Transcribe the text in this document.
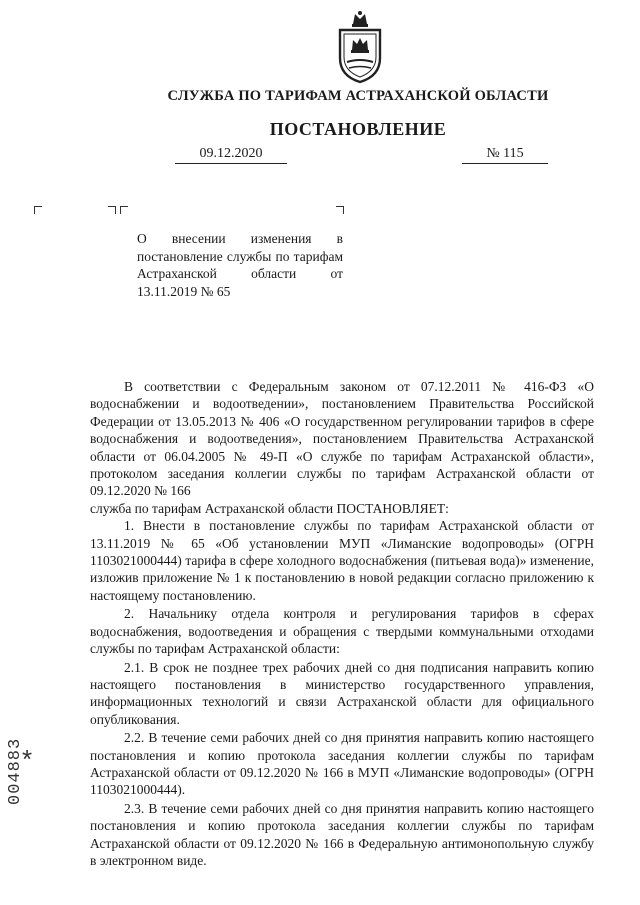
СЛУЖБА ПО ТАРИФАМ АСТРАХАНСКОЙ ОБЛАСТИ
ПОСТАНОВЛЕНИЕ
09.12.2020	№ 115
О внесении изменения в постановление службы по тарифам Астраханской области от 13.11.2019 № 65

В соответствии с Федеральным законом от 07.12.2011 № 416-ФЗ «О водоснабжении и водоотведении», постановлением Правительства Российской Федерации от 13.05.2013 № 406 «О государственном регулировании тарифов в сфере водоснабжения и водоотведения», постановлением Правительства Астраханской области от 06.04.2005 № 49-П «О службе по тарифам Астраханской области», протоколом заседания коллегии службы по тарифам Астраханской области от 09.12.2020 № 166

служба по тарифам Астраханской области ПОСТАНОВЛЯЕТ:

1. Внести в постановление службы по тарифам Астраханской области от 13.11.2019 № 65 «Об установлении МУП «Лиманские водопроводы» (ОГРН 1103021000444) тарифа в сфере холодного водоснабжения (питьевая вода)» изменение, изложив приложение № 1 к постановлению в новой редакции согласно приложению к настоящему постановлению.

2. Начальнику отдела контроля и регулирования тарифов в сферах водоснабжения, водоотведения и обращения с твердыми коммунальными отходами службы по тарифам Астраханской области:

2.1. В срок не позднее трех рабочих дней со дня подписания направить копию настоящего постановления в министерство государственного управления, информационных технологий и связи Астраханской области для официального опубликования.

2.2. В течение семи рабочих дней со дня принятия направить копию настоящего постановления и копию протокола заседания коллегии службы по тарифам Астраханской области от 09.12.2020 № 166 в МУП «Лиманские водопроводы» (ОГРН 1103021000444).

2.3. В течение семи рабочих дней со дня принятия направить копию настоящего постановления и копию протокола заседания коллегии службы по тарифам Астраханской области от 09.12.2020 № 166 в Федеральную антимонопольную службу в электронном виде.

*
004883
